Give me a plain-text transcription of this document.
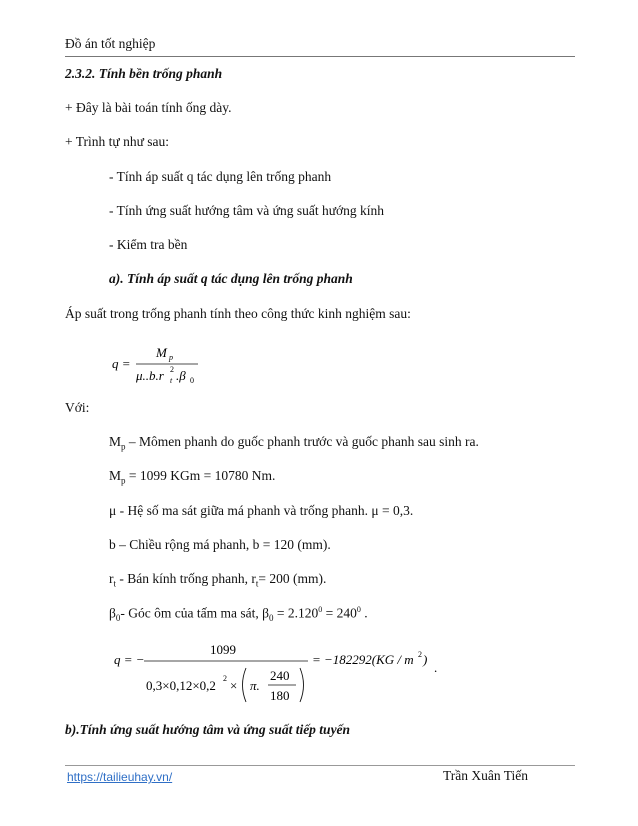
Đồ án tốt nghiệp
2.3.2. Tính bền trống phanh
+ Đây là bài toán tính ống dày.
+ Trình tự như sau:
- Tính áp suất q tác dụng lên trống phanh
- Tính ứng suất hướng tâm và ứng suất hướng kính
- Kiểm tra bền
a). Tính áp suất q tác dụng lên trống phanh
Áp suất trong trống phanh tính theo công thức kinh nghiệm sau:
q =
M p
μ..b.r 2
t .β 0
Với:
$M_p$ – Mômen phanh do guốc phanh trước và guốc phanh sau sinh ra.
$M_p = 1099$ KGm = 10780 Nm.
μ - Hệ số ma sát giữa má phanh và trống phanh. μ = 0,3.
b – Chiều rộng má phanh, b = 120 (mm).
$r_t$ - Bán kính trống phanh, $r_t= 200$ (mm).
$\beta_0-$ Góc ôm của tấm ma sát, $\beta_0 = 2.120^0 = 240^0$ .
q = −
1099
0,3×0,12×0,2 2 × π.
240
180
= −182292(KG / m 2 )
.
b).Tính ứng suất hướng tâm và ứng suất tiếp tuyến
https://tailieuhay.vn/	Trần Xuân Tiến
